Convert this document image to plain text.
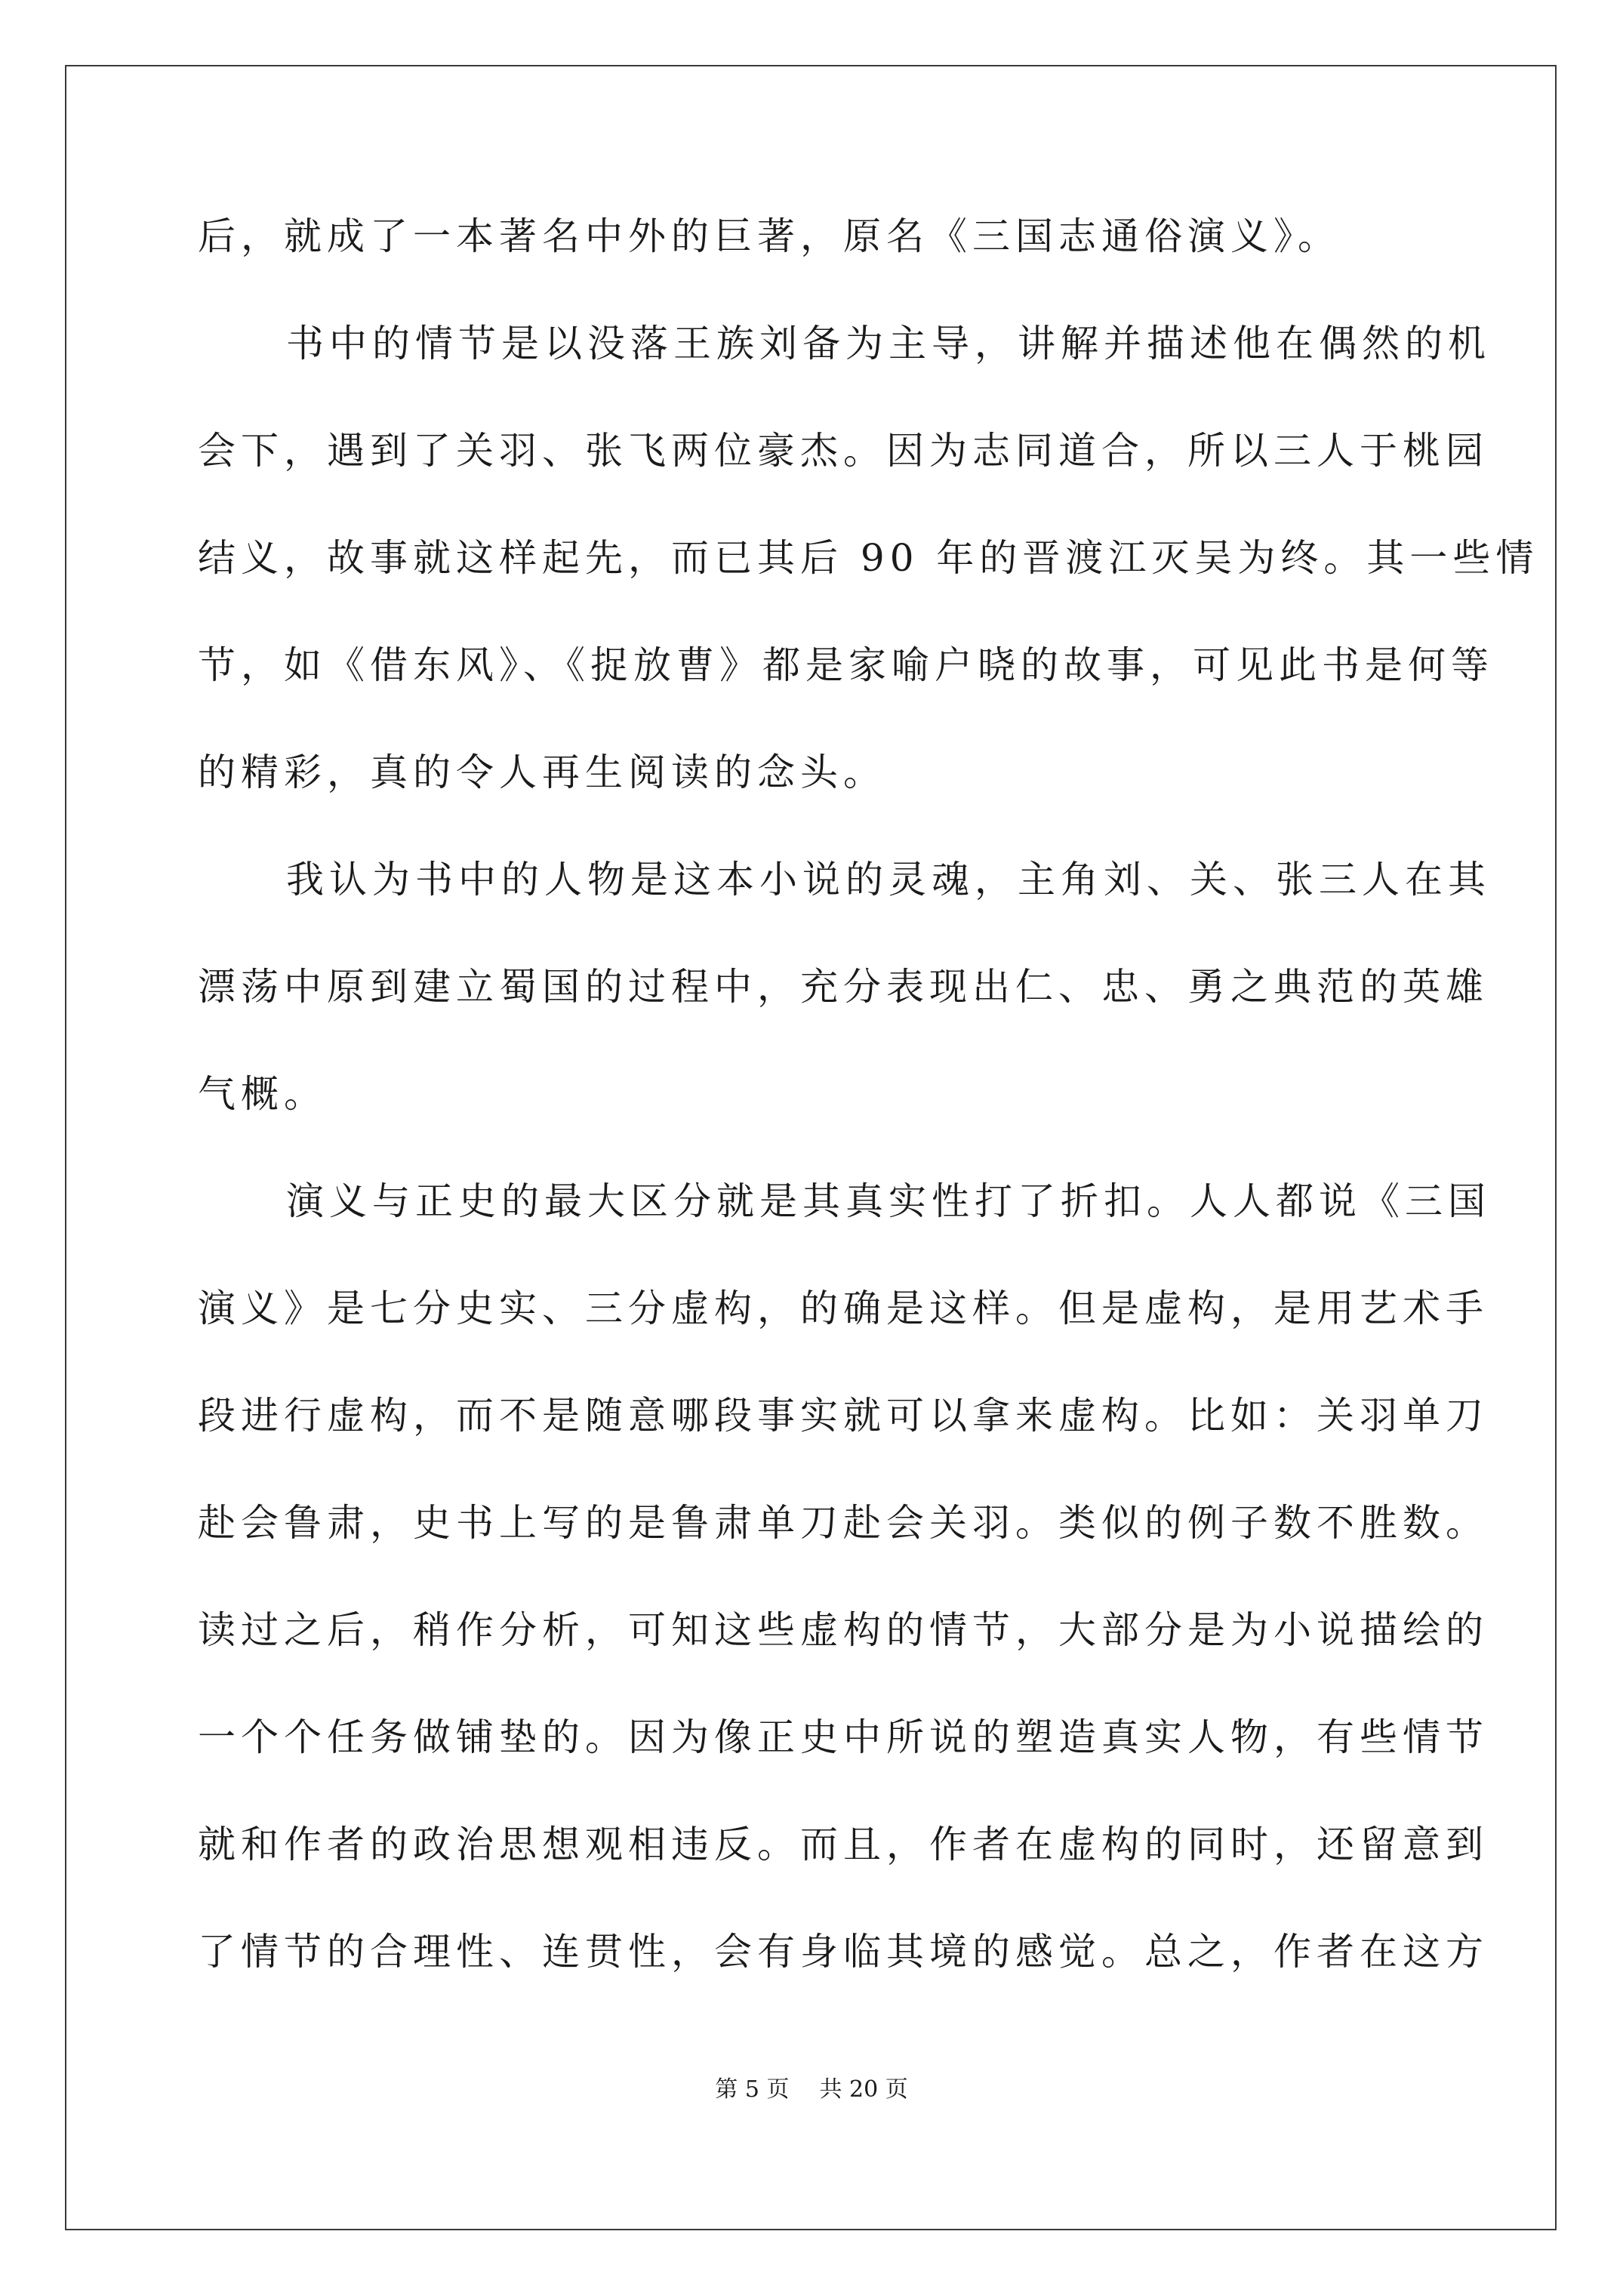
后，就成了一本著名中外的巨著，原名《三国志通俗演义》。

书中的情节是以没落王族刘备为主导，讲解并描述他在偶然的机

会下，遇到了关羽、张飞两位豪杰。因为志同道合，所以三人于桃园

结义，故事就这样起先，而已其后 90 年的晋渡江灭吴为终。其一些情

节，如《借东风》、《捉放曹》都是家喻户晓的故事，可见此书是何等

的精彩，真的令人再生阅读的念头。

我认为书中的人物是这本小说的灵魂，主角刘、关、张三人在其

漂荡中原到建立蜀国的过程中，充分表现出仁、忠、勇之典范的英雄

气概。

演义与正史的最大区分就是其真实性打了折扣。人人都说《三国

演义》是七分史实、三分虚构，的确是这样。但是虚构，是用艺术手

段进行虚构，而不是随意哪段事实就可以拿来虚构。比如：关羽单刀

赴会鲁肃，史书上写的是鲁肃单刀赴会关羽。类似的例子数不胜数。

读过之后，稍作分析，可知这些虚构的情节，大部分是为小说描绘的

一个个任务做铺垫的。因为像正史中所说的塑造真实人物，有些情节

就和作者的政治思想观相违反。而且，作者在虚构的同时，还留意到

了情节的合理性、连贯性，会有身临其境的感觉。总之，作者在这方

第 5 页 共 20 页
